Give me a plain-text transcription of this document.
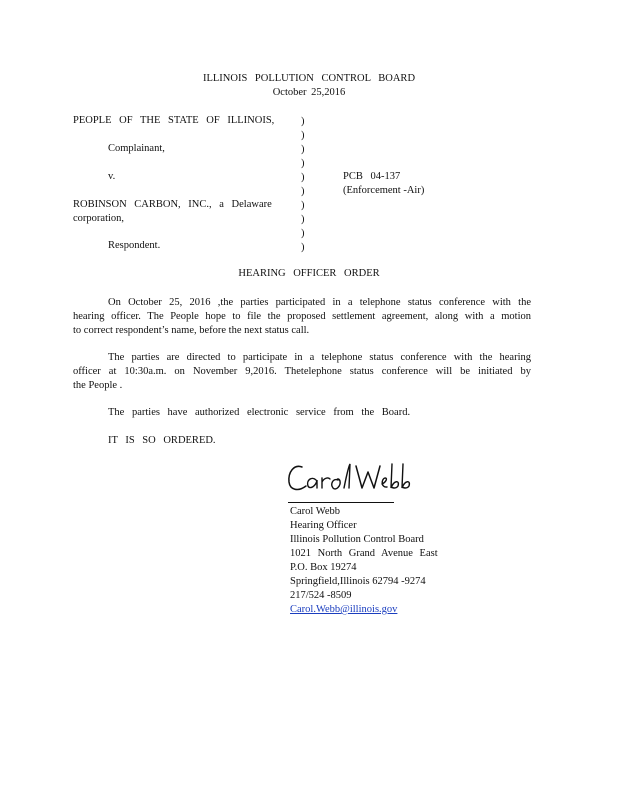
ILLINOIS POLLUTION CONTROL BOARD
October 25,2016
PEOPLE OF THE STATE OF ILLINOIS,
Complainant,
v.
ROBINSON CARBON, INC., a Delaware
corporation,
Respondent.
)
)
)
)
)
)
)
)
)
)
PCB 04-137
(Enforcement -Air)
HEARING OFFICER ORDER
On October 25, 2016 ,the parties participated in a telephone status conference with the
hearing officer. The People hope to file the proposed settlement agreement, along with a motion
to correct respondent’s name, before the next status call.
The parties are directed to participate in a telephone status conference with the hearing
officer at 10:30a.m. on November 9,2016. Thetelephone status conference will be initiated by
the People .
The parties have authorized electronic service from the Board.
IT IS SO ORDERED.
Carol Webb
Hearing Officer
Illinois Pollution Control Board
1021 North Grand Avenue East
P.O. Box 19274
Springfield,Illinois 62794 -9274
217/524 -8509
Carol.Webb@illinois.gov
